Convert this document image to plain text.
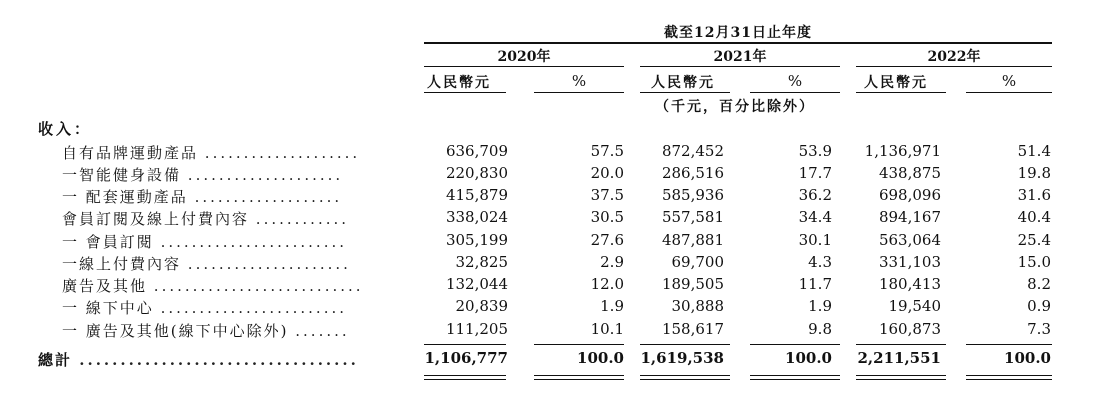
截至12月31日止年度
2020年	2021年	2022年
人民幣元	%	人民幣元	%	人民幣元	%
（千元，百分比除外）
收入：
自有品牌運動產品 ....................	636,709	57.5	872,452	53.9	1,136,971	51.4
一智能健身設備 ....................	220,830	20.0	286,516	17.7	438,875	19.8
一 配套運動產品 ...................	415,879	37.5	585,936	36.2	698,096	31.6
會員訂閱及線上付費內容 ............	338,024	30.5	557,581	34.4	894,167	40.4
一 會員訂閱 ........................	305,199	27.6	487,881	30.1	563,064	25.4
一線上付費內容 .....................	32,825	2.9	69,700	4.3	331,103	15.0
廣告及其他 ...........................	132,044	12.0	189,505	11.7	180,413	8.2
一 線下中心 ........................	20,839	1.9	30,888	1.9	19,540	0.9
一 廣告及其他(線下中心除外) .......	111,205	10.1	158,617	9.8	160,873	7.3
總計 ..................................	1,106,777	100.0	1,619,538	100.0	2,211,551	100.0
